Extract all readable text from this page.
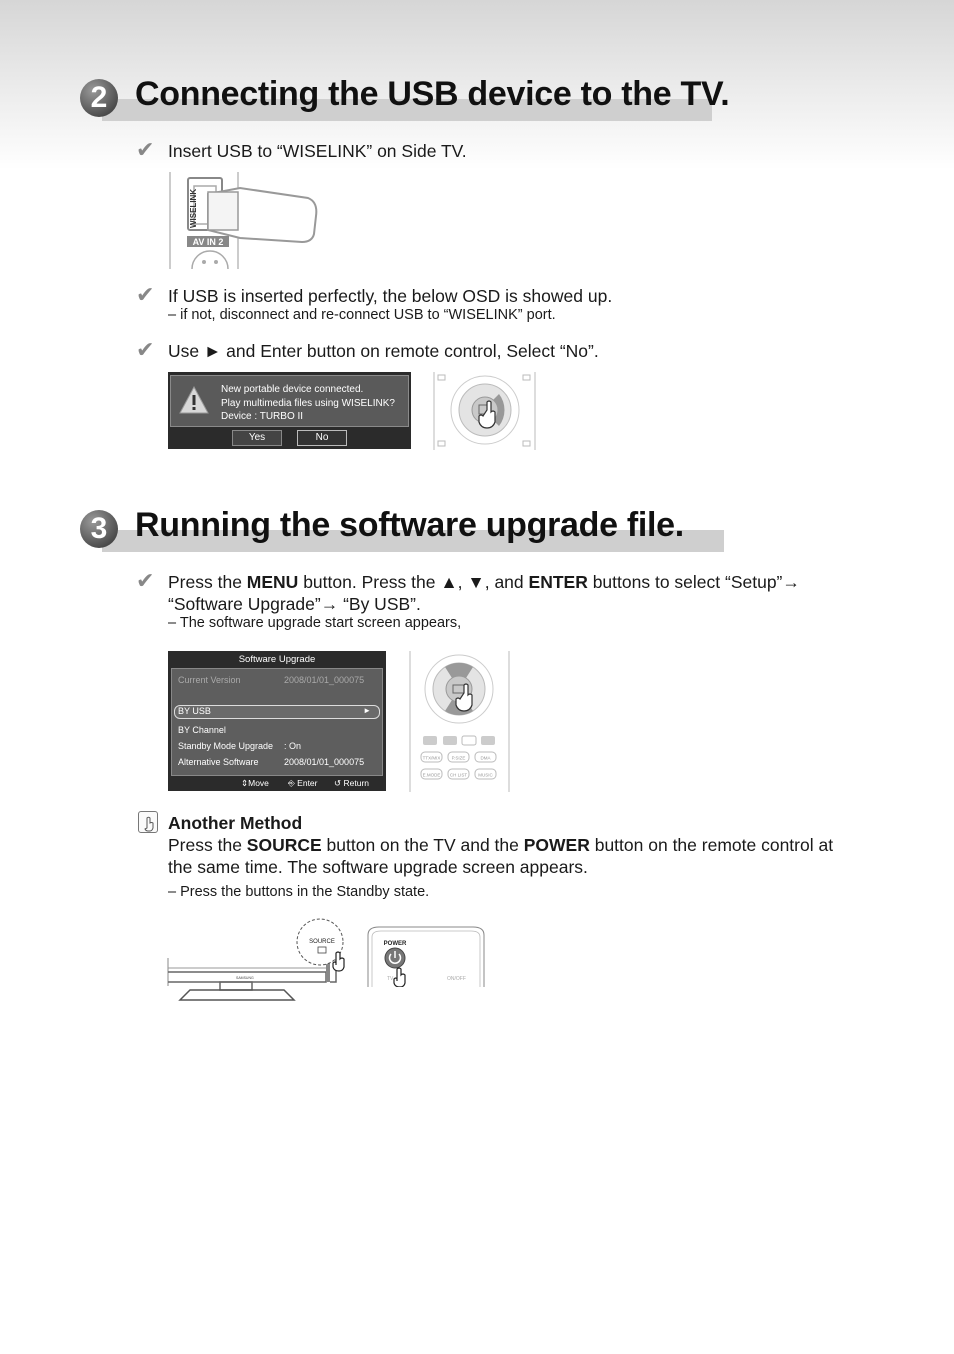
2 Connecting the USB device to the TV.
✔ Insert USB to “WISELINK” on Side TV.
AV IN 2
WISELINK
✔ If USB is inserted perfectly, the below OSD is showed up.
– if not, disconnect and re-connect USB to “WISELINK” port.
✔ Use ► and Enter button on remote control, Select “No”.
New portable device connected.
Play multimedia files using WISELINK?
Device : TURBO II
Yes	No
3 Running the software upgrade file.
✔ Press the MENU button. Press the ▲, ▼, and ENTER buttons to select “Setup”→
“Software Upgrade”→ “By USB”.
– The software upgrade start screen appears,
Software Upgrade
Current Version	2008/01/01_000075
BY USB	►
BY Channel
Standby Mode Upgrade : On
Alternative Software	2008/01/01_000075
⇕Move ⎆ Enter ↺ Return
TTX/MIX	P.SIZE	DMA
E.MODE CH LIST MUSIC
Another Method
Press the SOURCE button on the TV and the POWER button on the remote control at
the same time. The software upgrade screen appears.
– Press the buttons in the Standby state.
SAMSUNG
SOURCE	POWER
TV	ON/OFF
